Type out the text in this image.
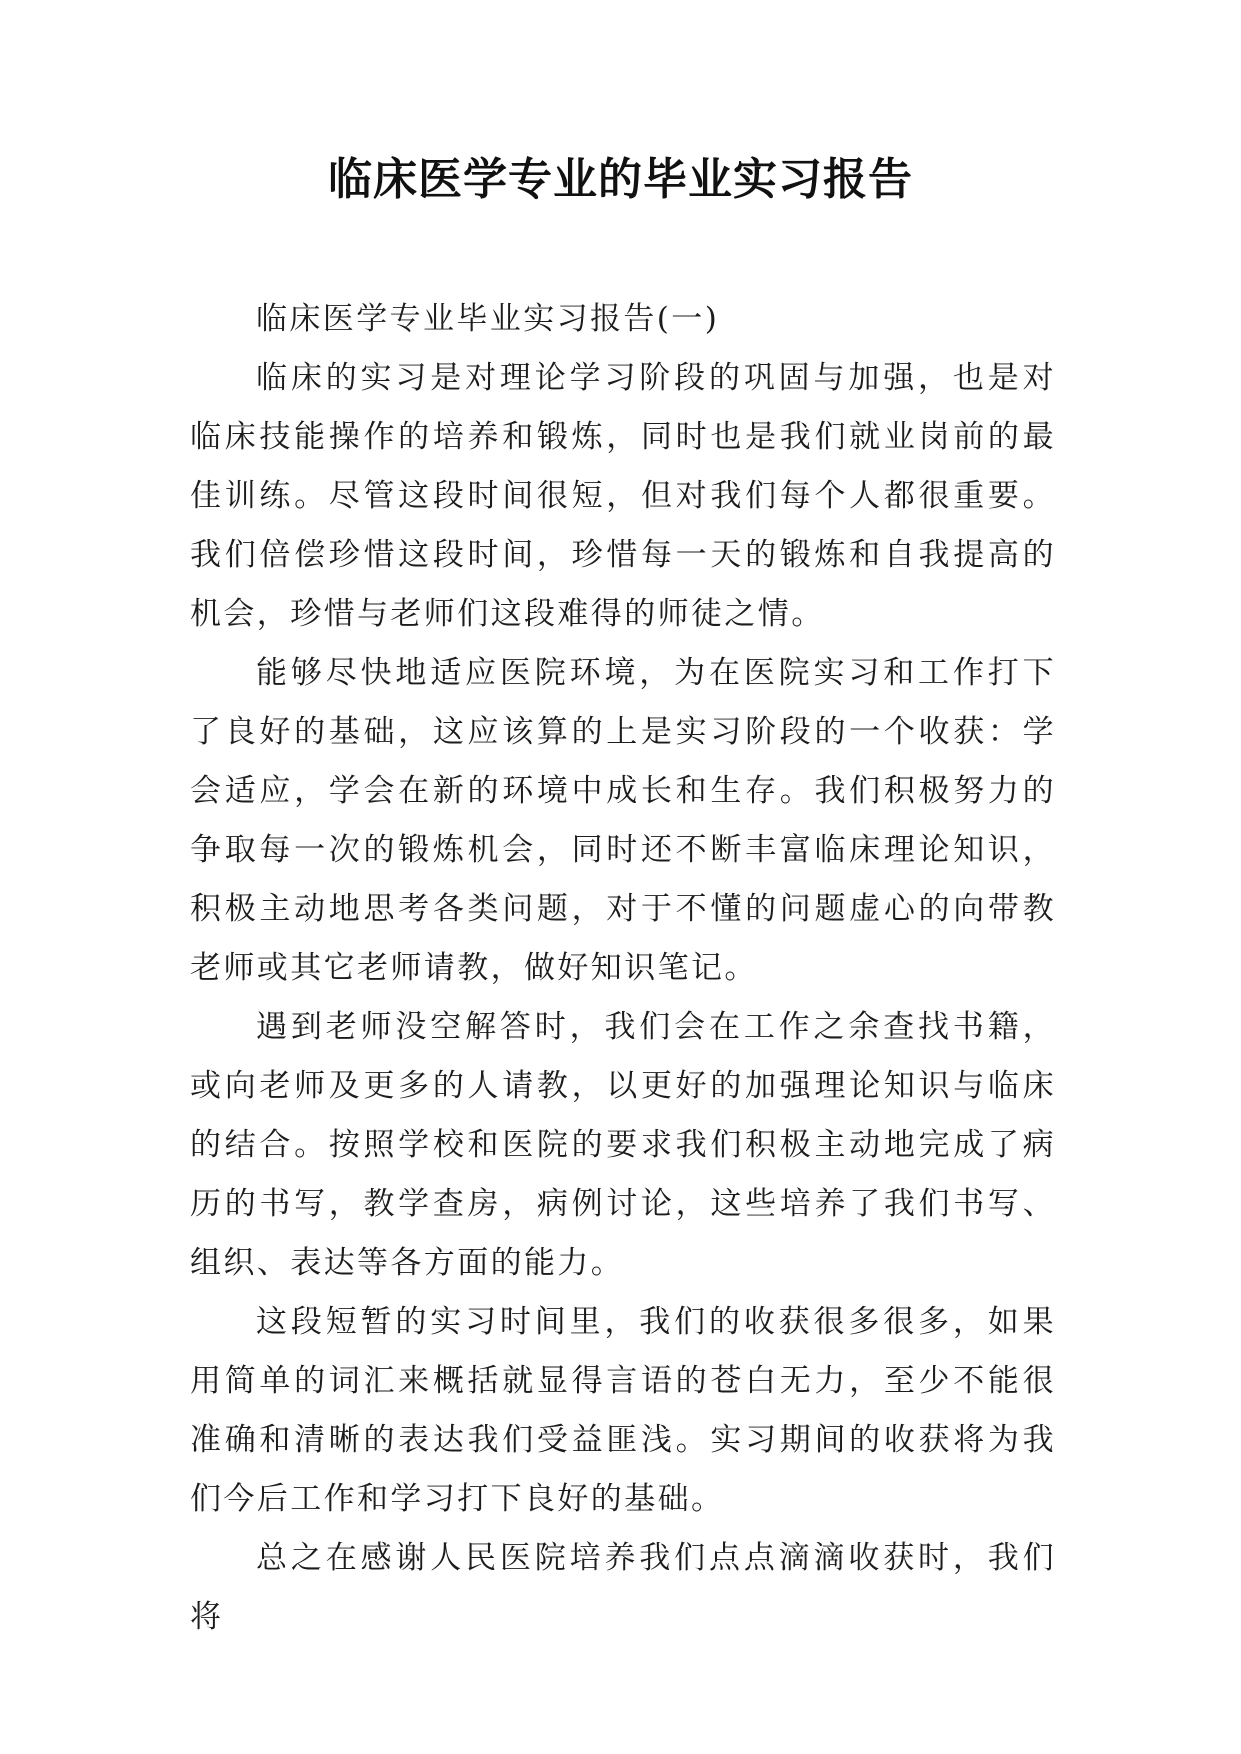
临床医学专业的毕业实习报告

临床医学专业毕业实习报告(一)

临床的实习是对理论学习阶段的巩固与加强，也是对临床技能操作的培养和锻炼，同时也是我们就业岗前的最佳训练。尽管这段时间很短，但对我们每个人都很重要。我们倍偿珍惜这段时间，珍惜每一天的锻炼和自我提高的机会，珍惜与老师们这段难得的师徒之情。

能够尽快地适应医院环境，为在医院实习和工作打下了良好的基础，这应该算的上是实习阶段的一个收获：学会适应，学会在新的环境中成长和生存。我们积极努力的争取每一次的锻炼机会，同时还不断丰富临床理论知识，积极主动地思考各类问题，对于不懂的问题虚心的向带教老师或其它老师请教，做好知识笔记。

遇到老师没空解答时，我们会在工作之余查找书籍，或向老师及更多的人请教，以更好的加强理论知识与临床的结合。按照学校和医院的要求我们积极主动地完成了病历的书写，教学查房，病例讨论，这些培养了我们书写、组织、表达等各方面的能力。

这段短暂的实习时间里，我们的收获很多很多，如果用简单的词汇来概括就显得言语的苍白无力，至少不能很准确和清晰的表达我们受益匪浅。实习期间的收获将为我们今后工作和学习打下良好的基础。

总之在感谢人民医院培养我们点点滴滴收获时，我们将
